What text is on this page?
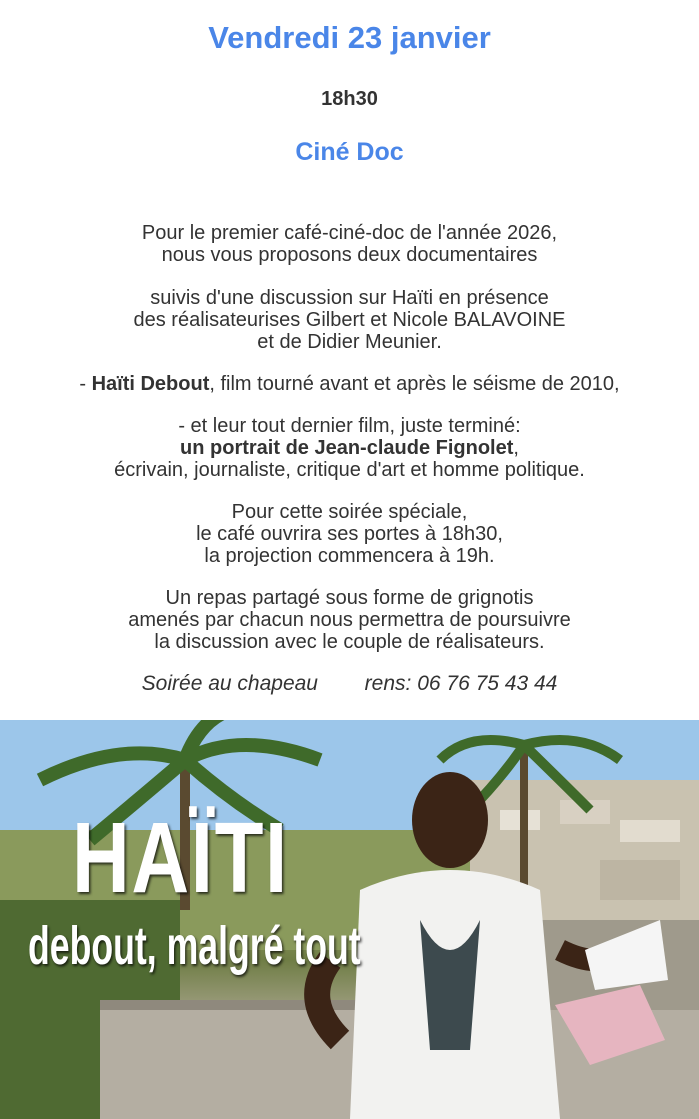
Vendredi 23 janvier
18h30
Ciné Doc
Pour le premier café-ciné-doc de l'année 2026,
nous vous proposons deux documentaires
suivis d'une discussion sur Haïti en présence
des réalisateurises Gilbert et Nicole BALAVOINE
et de Didier Meunier.
- Haïti Debout, film tourné avant et après le séisme de 2010,
- et leur tout dernier film, juste terminé:
un portrait de Jean-claude Fignolet,
écrivain, journaliste, critique d'art et homme politique.
Pour cette soirée spéciale,
le café ouvrira ses portes à 18h30,
la projection commencera à 19h.
Un repas partagé sous forme de grignotis
amenés par chacun nous permettra de poursuivre
la discussion avec le couple de réalisateurs.
Soirée au chapeau rens: 06 76 75 43 44
HAÏTI
debout, malgré tout
